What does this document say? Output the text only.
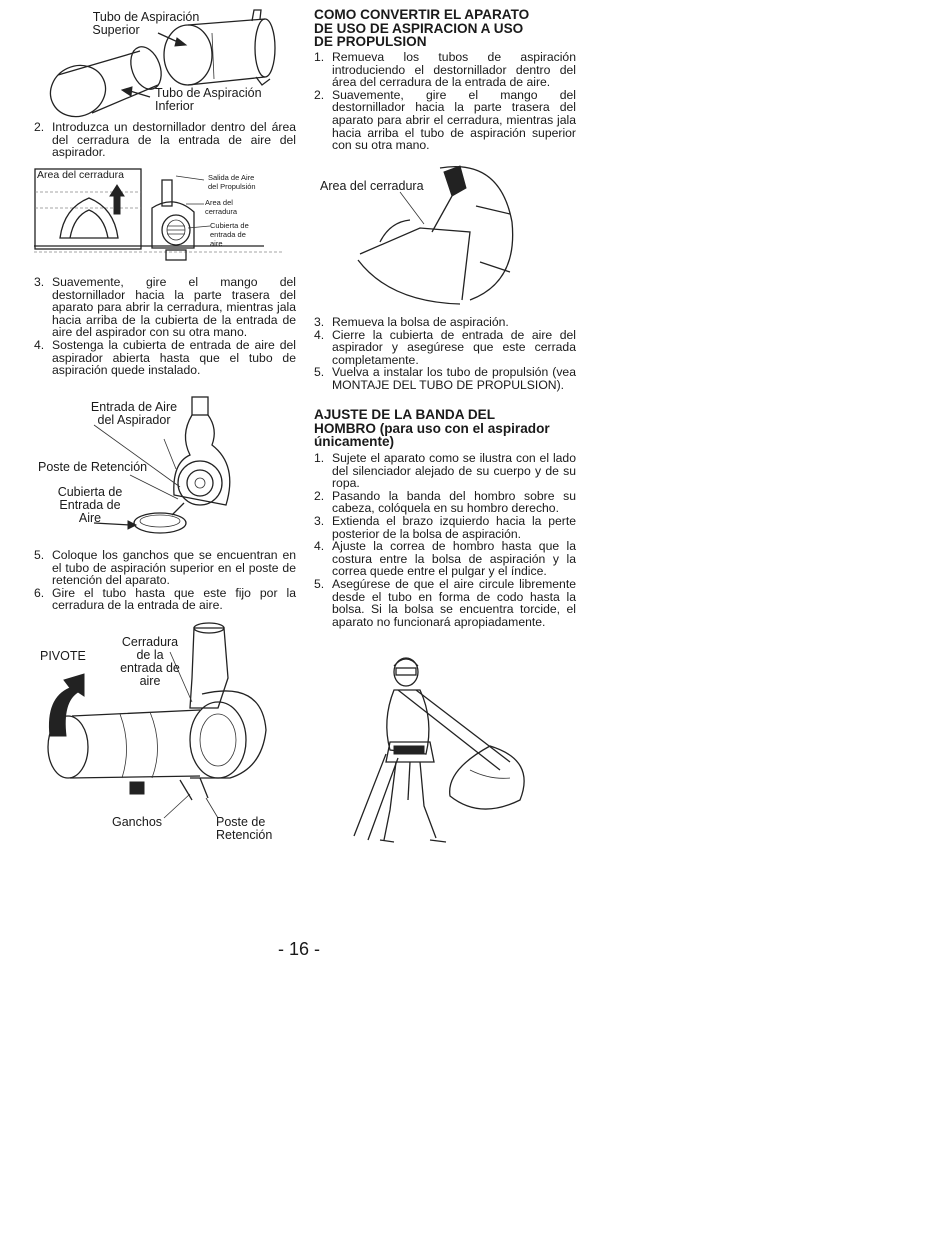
Tubo de Aspiración
Superior
Tubo de Aspiración
Inferior
2. Introduzca un destornillador dentro del área del cerradura de la entrada de aire del aspirador.
Area del cerradura	Salida de Aire
del Propulsión
Area del
cerradura
Cubierta de
entrada de
aire
3. Suavemente, gire el mango del destornillador hacia la parte trasera del aparato para abrir la cerradura, mientras jala hacia arriba de la cubierta de la entrada de aire del aspirador con su otra mano.
4. Sostenga la cubierta de entrada de aire del aspirador abierta hasta que el tubo de aspiración quede instalado.
Entrada de Aire
del Aspirador
Poste de Retención
Cubierta de
Entrada de
Aire
5. Coloque los ganchos que se encuentran en el tubo de aspiración superior en el poste de retención del aparato.
6. Gire el tubo hasta que este fijo por la cerradura de la entrada de aire.
PIVOTE
Cerradura
de la
entrada de
aire
Ganchos	Poste de
Retención
COMO CONVERTIR EL APARATO
DE USO DE ASPIRACION A USO
DE PROPULSION
1. Remueva los tubos de aspiración introduciendo el destornillador dentro del área del cerradura de la entrada de aire.
2. Suavemente, gire el mango del destornillador hacia la parte trasera del aparato para abrir el cerradura, mientras jala hacia arriba el tubo de aspiración superior con su otra mano.
Area del cerradura
3. Remueva la bolsa de aspiración.
4. Cierre la cubierta de entrada de aire del aspirador y asegúrese que este cerrada completamente.
5. Vuelva a instalar los tubo de propulsión (vea MONTAJE DEL TUBO DE PROPULSION).
AJUSTE DE LA BANDA DEL
HOMBRO (para uso con el aspirador
únicamente)
1. Sujete el aparato como se ilustra con el lado del silenciador alejado de su cuerpo y de su ropa.
2. Pasando la banda del hombro sobre su cabeza, colóquela en su hombro derecho.
3. Extienda el brazo izquierdo hacia la perte posterior de la bolsa de aspiración.
4. Ajuste la correa de hombro hasta que la costura entre la bolsa de aspiración y la correa quede entre el pulgar y el índice.
5. Asegúrese de que el aire circule libremente desde el tubo en forma de codo hasta la bolsa. Si la bolsa se encuentra torcide, el aparato no funcionará apropiadamente.
- 16 -
